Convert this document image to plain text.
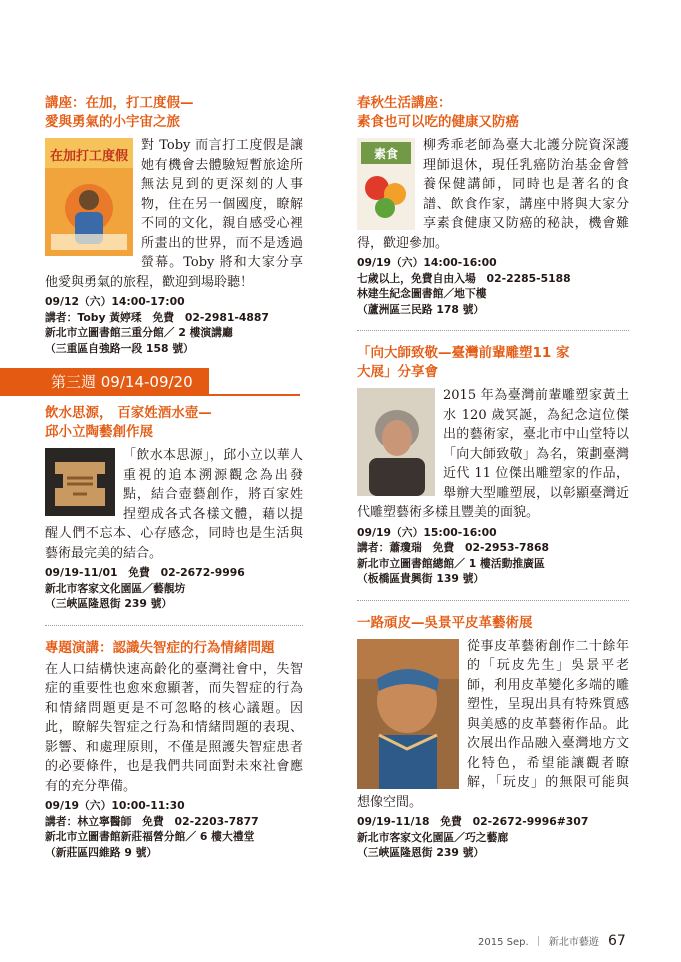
講座：在加，打工度假—
愛與勇氣的小宇宙之旅
在加打工度假
對 Toby 而言打工度假是讓她有機會去體驗短暫旅途所無法見到的更深刻的人事物，住在另一個國度，瞭解不同的文化，親自感受心裡所畫出的世界，而不是透過螢幕。Toby 將和大家分享他愛與勇氣的旅程，歡迎到場聆聽！
09/12（六）14:00-17:00
講者：Toby 黃婷瑈　免費　02-2981-4887
新北市立圖書館三重分館／ 2 樓演講廳
（三重區自強路一段 158 號）
第三週 09/14-09/20
飲水思源， 百家姓酒水壺—
邱小立陶藝創作展
「飲水本思源」，邱小立以華人重視的追本溯源觀念為出發點，結合壺藝創作，將百家姓捏塑成各式各樣文體，藉以提醒人們不忘本、心存感念，同時也是生活與藝術最完美的結合。
09/19-11/01　免費　02-2672-9996
新北市客家文化園區／藝靚坊
（三峽區隆恩街 239 號）
專題演講：認識失智症的行為情緒問題
在人口結構快速高齡化的臺灣社會中，失智症的重要性也愈來愈顯著，而失智症的行為和情緒問題更是不可忽略的核心議題。因此，瞭解失智症之行為和情緒問題的表現、影響、和處理原則，不僅是照護失智症患者的必要條件，也是我們共同面對未來社會應有的充分準備。
09/19（六）10:00-11:30
講者：林立寧醫師　免費　02-2203-7877
新北市立圖書館新莊福營分館／ 6 樓大禮堂
（新莊區四維路 9 號）
春秋生活講座：
素食也可以吃的健康又防癌
素食
柳秀乖老師為臺大北護分院資深護理師退休，現任乳癌防治基金會營養保健講師，同時也是著名的食譜、飲食作家，講座中將與大家分享素食健康又防癌的秘訣，機會難得，歡迎參加。
09/19（六）14:00-16:00
七歲以上，免費自由入場　02-2285-5188
林建生紀念圖書館／地下樓
（蘆洲區三民路 178 號）
「向大師致敬—臺灣前輩雕塑11 家
大展」分享會
2015 年為臺灣前輩雕塑家黃土水 120 歲冥誕，為紀念這位傑出的藝術家，臺北市中山堂特以「向大師致敬」為名，策劃臺灣近代 11 位傑出雕塑家的作品，舉辦大型雕塑展，以彰顯臺灣近代雕塑藝術多樣且豐美的面貌。
09/19（六）15:00-16:00
講者：蕭瓊瑞　免費　02-2953-7868
新北市立圖書館總館／ 1 樓活動推廣區
（板橋區貴興街 139 號）
一路頑皮—吳景平皮革藝術展
從事皮革藝術創作二十餘年的「玩皮先生」吳景平老師，利用皮革變化多端的雕塑性，呈現出具有特殊質感與美感的皮革藝術作品。此次展出作品融入臺灣地方文化特色，希望能讓觀者瞭解，「玩皮」的無限可能與想像空間。
09/19-11/18　免費　02-2672-9996#307
新北市客家文化園區／巧之藝廊
（三峽區隆恩街 239 號）
2015 Sep. ｜ 新北市藝遊 67
